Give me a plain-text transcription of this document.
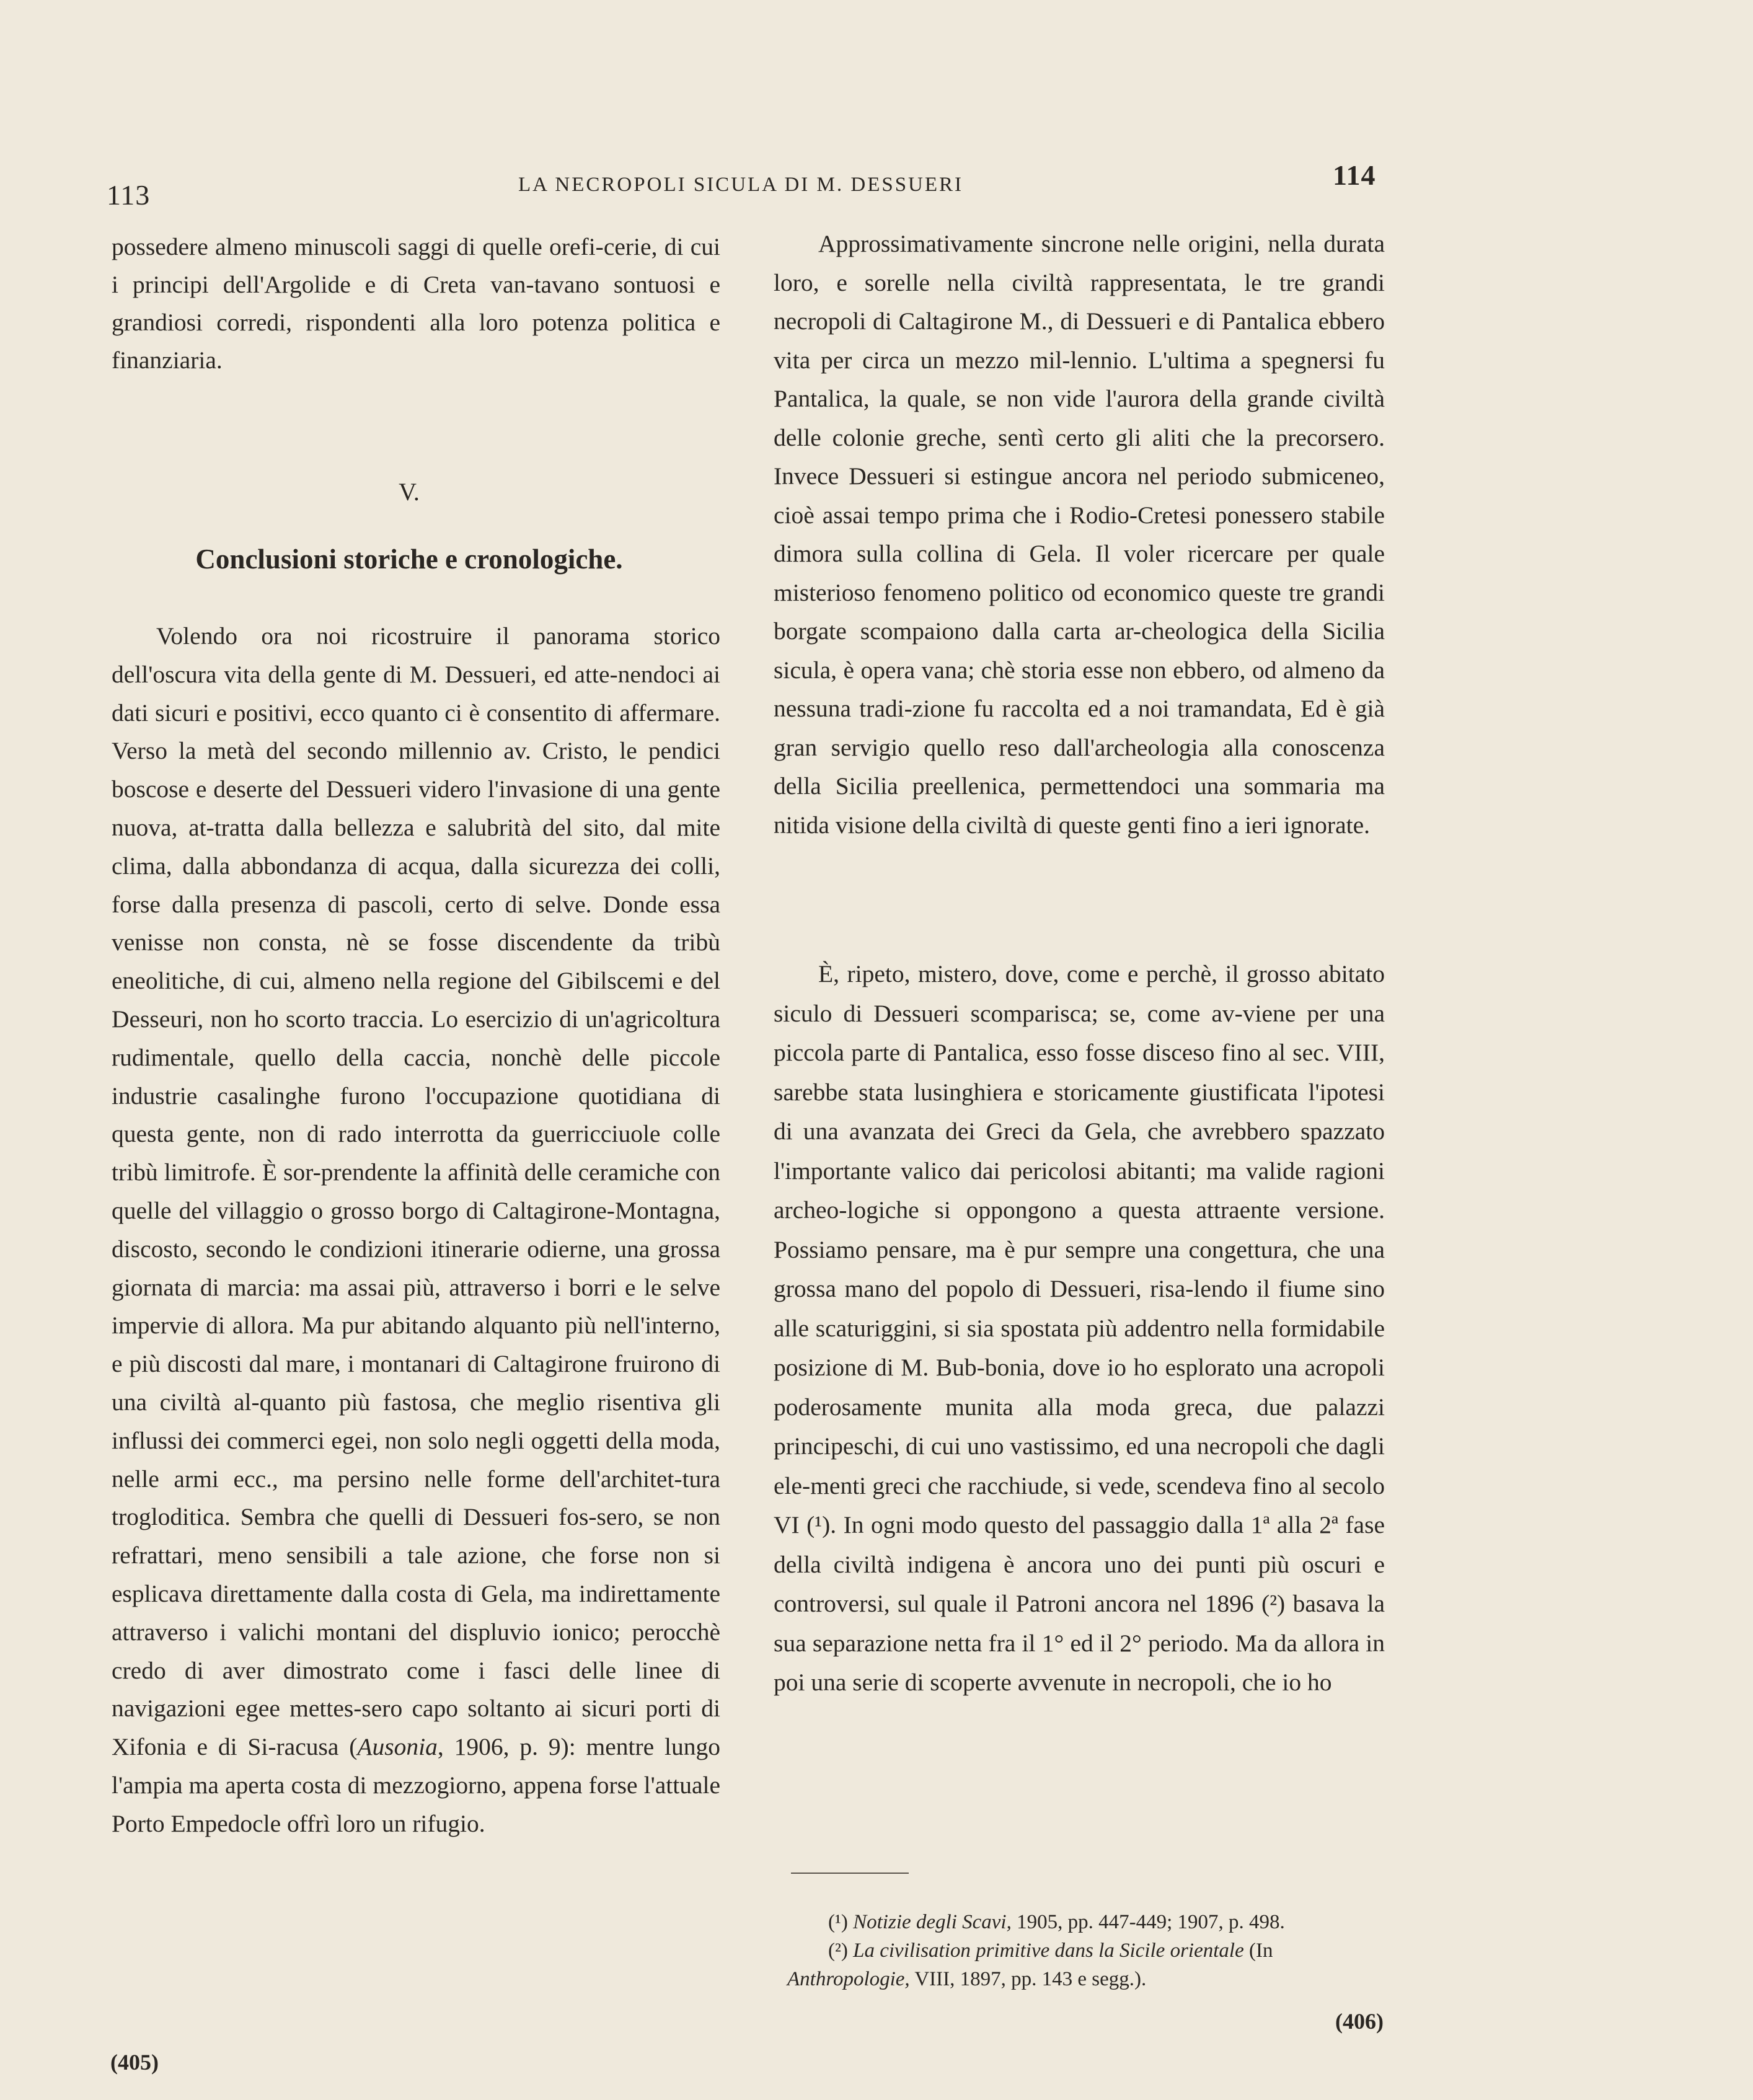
113	LA NECROPOLI SICULA DI M. DESSUERI	114

possedere almeno minuscoli saggi di quelle orefi-cerie, di cui i principi dell'Argolide e di Creta van-tavano sontuosi e grandiosi corredi, rispondenti alla loro potenza politica e finanziaria.

V.
Conclusioni storiche e cronologiche.

Volendo ora noi ricostruire il panorama storico dell'oscura vita della gente di M. Dessueri, ed atte-nendoci ai dati sicuri e positivi, ecco quanto ci è consentito di affermare. Verso la metà del secondo millennio av. Cristo, le pendici boscose e deserte del Dessueri videro l'invasione di una gente nuova, at-tratta dalla bellezza e salubrità del sito, dal mite clima, dalla abbondanza di acqua, dalla sicurezza dei colli, forse dalla presenza di pascoli, certo di selve. Donde essa venisse non consta, nè se fosse discendente da tribù eneolitiche, di cui, almeno nella regione del Gibilscemi e del Desseuri, non ho scorto traccia. Lo esercizio di un'agricoltura rudimentale, quello della caccia, nonchè delle piccole industrie casalinghe furono l'occupazione quotidiana di questa gente, non di rado interrotta da guerricciuole colle tribù limitrofe. È sor-prendente la affinità delle ceramiche con quelle del villaggio o grosso borgo di Caltagirone-Montagna, discosto, secondo le condizioni itinerarie odierne, una grossa giornata di marcia: ma assai più, attraverso i borri e le selve impervie di allora. Ma pur abitando alquanto più nell'interno, e più discosti dal mare, i montanari di Caltagirone fruirono di una civiltà al-quanto più fastosa, che meglio risentiva gli influssi dei commerci egei, non solo negli oggetti della moda, nelle armi ecc., ma persino nelle forme dell'architet-tura trogloditica. Sembra che quelli di Dessueri fos-sero, se non refrattari, meno sensibili a tale azione, che forse non si esplicava direttamente dalla costa di Gela, ma indirettamente attraverso i valichi montani del displuvio ionico; perocchè credo di aver dimostrato come i fasci delle linee di navigazioni egee mettes-sero capo soltanto ai sicuri porti di Xifonia e di Si-racusa (Ausonia, 1906, p. 9): mentre lungo l'ampia ma aperta costa di mezzogiorno, appena forse l'attuale Porto Empedocle offrì loro un rifugio.

Approssimativamente sincrone nelle origini, nella durata loro, e sorelle nella civiltà rappresentata, le tre grandi necropoli di Caltagirone M., di Dessueri e di Pantalica ebbero vita per circa un mezzo mil-lennio. L'ultima a spegnersi fu Pantalica, la quale, se non vide l'aurora della grande civiltà delle colonie greche, sentì certo gli aliti che la precorsero. Invece Dessueri si estingue ancora nel periodo submiceneo, cioè assai tempo prima che i Rodio-Cretesi ponessero stabile dimora sulla collina di Gela. Il voler ricercare per quale misterioso fenomeno politico od economico queste tre grandi borgate scompaiono dalla carta ar-cheologica della Sicilia sicula, è opera vana; chè storia esse non ebbero, od almeno da nessuna tradi-zione fu raccolta ed a noi tramandata, Ed è già gran servigio quello reso dall'archeologia alla conoscenza della Sicilia preellenica, permettendoci una sommaria ma nitida visione della civiltà di queste genti fino a ieri ignorate.

È, ripeto, mistero, dove, come e perchè, il grosso abitato siculo di Dessueri scomparisca; se, come av-viene per una piccola parte di Pantalica, esso fosse disceso fino al sec. VIII, sarebbe stata lusinghiera e storicamente giustificata l'ipotesi di una avanzata dei Greci da Gela, che avrebbero spazzato l'importante valico dai pericolosi abitanti; ma valide ragioni archeo-logiche si oppongono a questa attraente versione. Possiamo pensare, ma è pur sempre una congettura, che una grossa mano del popolo di Dessueri, risa-lendo il fiume sino alle scaturiggini, si sia spostata più addentro nella formidabile posizione di M. Bub-bonia, dove io ho esplorato una acropoli poderosamente munita alla moda greca, due palazzi principeschi, di cui uno vastissimo, ed una necropoli che dagli ele-menti greci che racchiude, si vede, scendeva fino al secolo VI (¹). In ogni modo questo del passaggio dalla 1ª alla 2ª fase della civiltà indigena è ancora uno dei punti più oscuri e controversi, sul quale il Patroni ancora nel 1896 (²) basava la sua separazione netta fra il 1° ed il 2° periodo. Ma da allora in poi una serie di scoperte avvenute in necropoli, che io ho

(¹) Notizie degli Scavi, 1905, pp. 447-449; 1907, p. 498.

(²) La civilisation primitive dans la Sicile orientale (In Anthropologie, VIII, 1897, pp. 143 e segg.).

(405)
(406)
